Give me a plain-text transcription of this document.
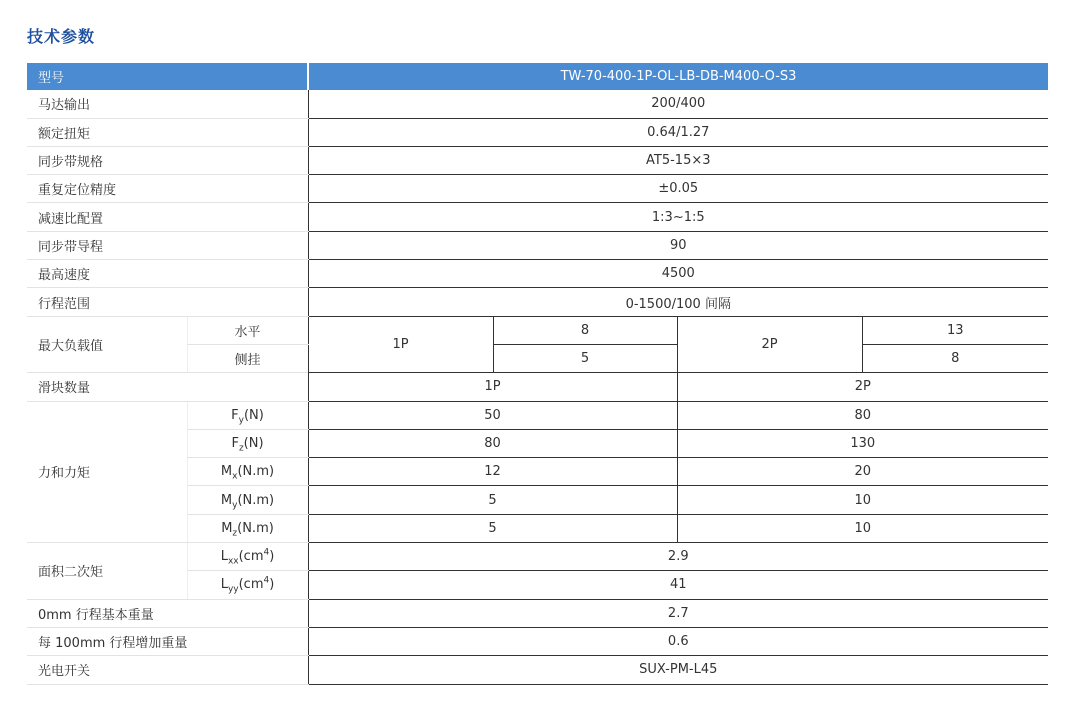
技术参数
型号		TW-70-400-1P-OL-LB-DB-M400-O-S3			
马达输出		200/400			
额定扭矩		0.64/1.27			
同步带规格		AT5-15×3			
重复定位精度		±0.05			
减速比配置		1:3~1:5			
同步带导程		90			
最高速度		4500			
行程范围		0-1500/100 间隔			
最大负载值	水平	1P	8	2P	13
	侧挂		5		8
滑块数量		1P		2P	
力和力矩	$F_y(N)$	50		80	
	$F_z(N)$	80		130	
	$M_x(N.m)$	12		20	
	$M_y(N.m)$	5		10	
	$M_z(N.m)$	5		10	
面积二次矩	$L_{xx}(cm^4)$	2.9			
	$L_{yy}(cm^4)$	41			
0mm 行程基本重量		2.7			
每 100mm 行程增加重量		0.6			
光电开关		SUX-PM-L45			
